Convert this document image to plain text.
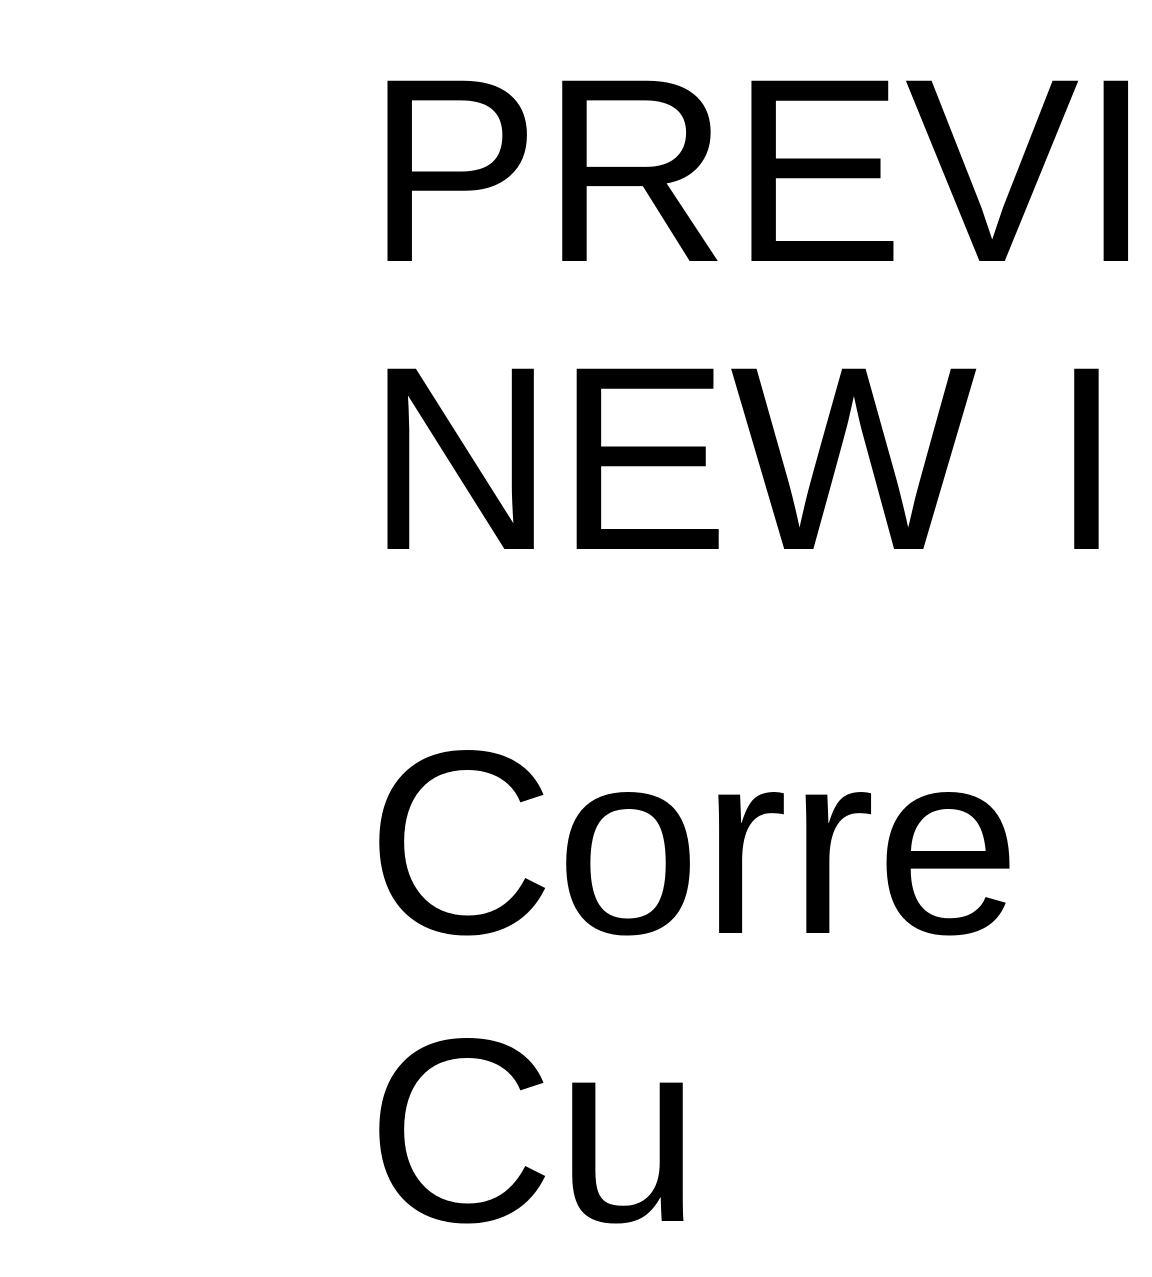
PREVI
NEW I
Corre
Cu
